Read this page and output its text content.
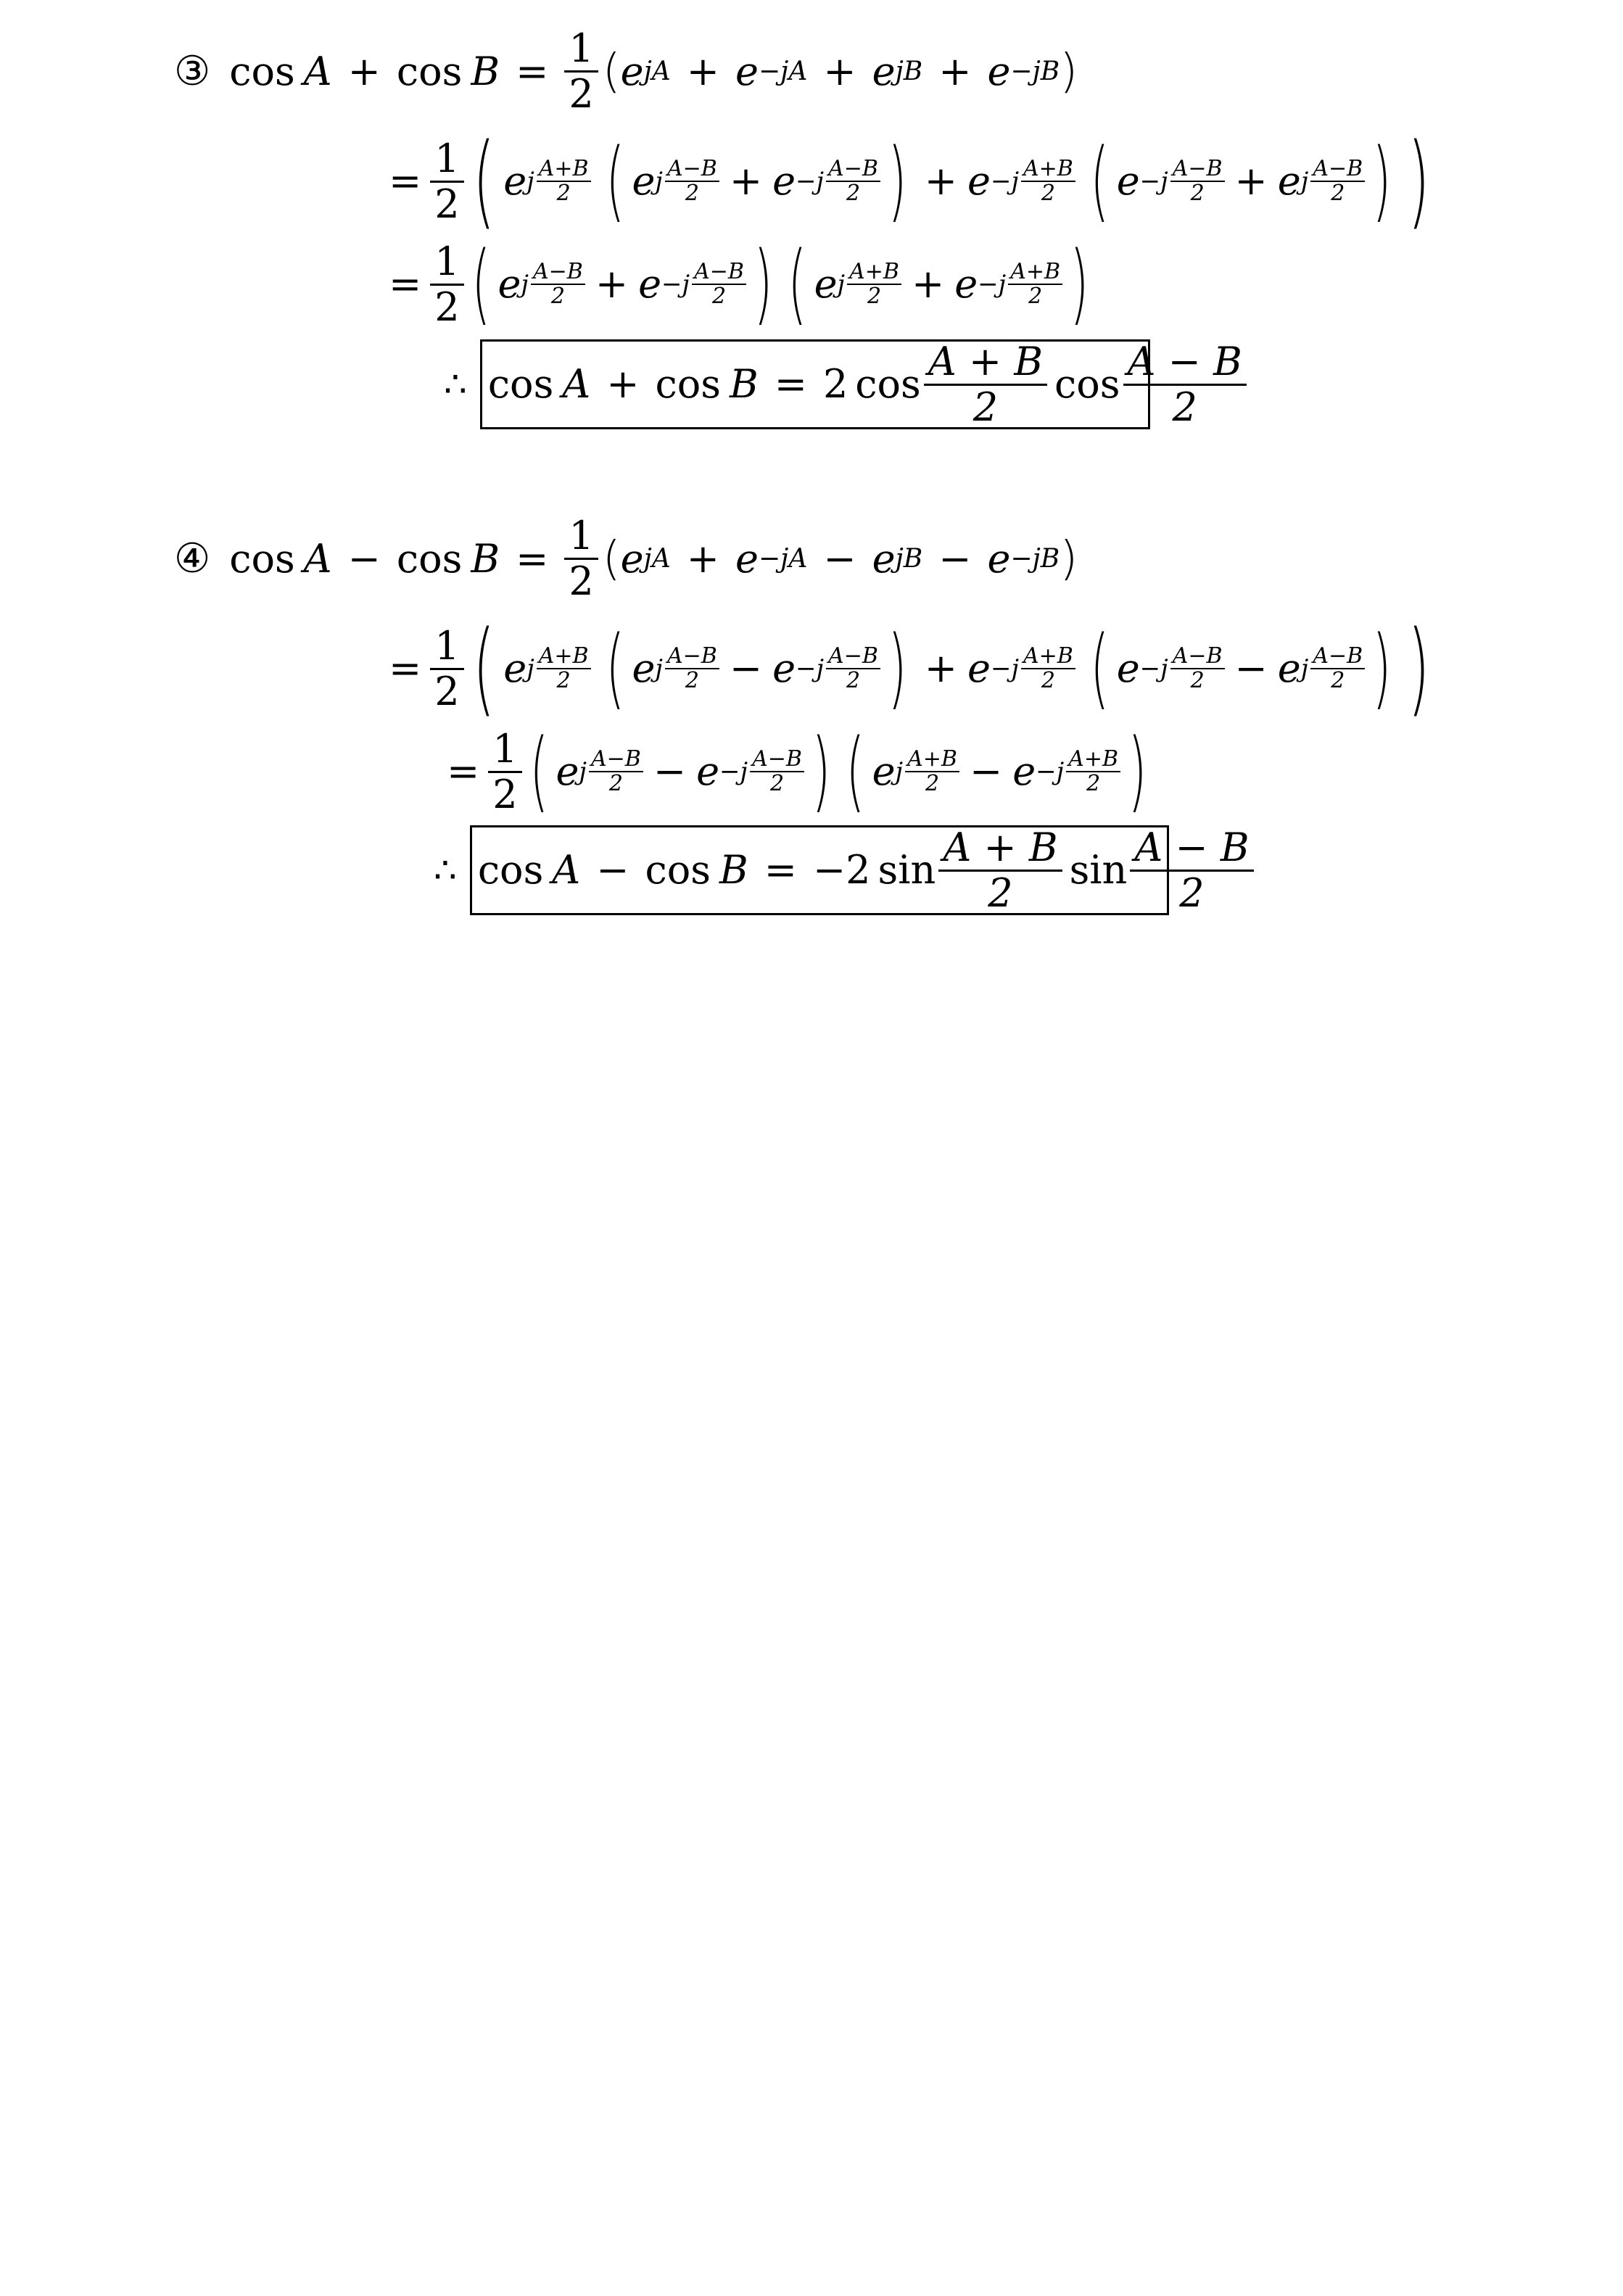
③ $\cos A + \cos B = \frac{1}{2}$ ( e jA + e −jA + e jB + e −jB )
= $\frac{1}{2}$ ( e j $\frac{A+B}{2}$ ( e j $\frac{A-B}{2} + e -j \frac{A-B}{2}$ ) + $e -j \frac{A+B}{2}$ ( $e -j \frac{A-B}{2} + e$ j $\frac{A-B}{2}$ ) )
= $\frac{1}{2}$ ( e j $\frac{A-B}{2} + e -j \frac{A-B}{2}$ ) ( e j $\frac{A+B}{2} + e -j \frac{A+B}{2}$ )
∴ cos A + cos B = 2 $\cos \frac{A + B}{2}$ $\cos \frac{A - B}{2}$
④ $\cos A - \cos B = \frac{1}{2}$ ( e jA + e −jA − e jB − e −jB )
= $\frac{1}{2}$ ( e j $\frac{A+B}{2}$ ( e j $\frac{A-B}{2} - e -j \frac{A-B}{2}$ ) + $e -j \frac{A+B}{2}$ ( $e -j \frac{A-B}{2} - e$ j $\frac{A-B}{2}$ ) )
= $\frac{1}{2}$ ( e j $\frac{A-B}{2} - e -j \frac{A-B}{2}$ ) ( e j $\frac{A+B}{2} - e -j \frac{A+B}{2}$ )
∴ cos A − cos B = −2 $\sin \frac{A + B}{2}$ $\sin \frac{A - B}{2}$
